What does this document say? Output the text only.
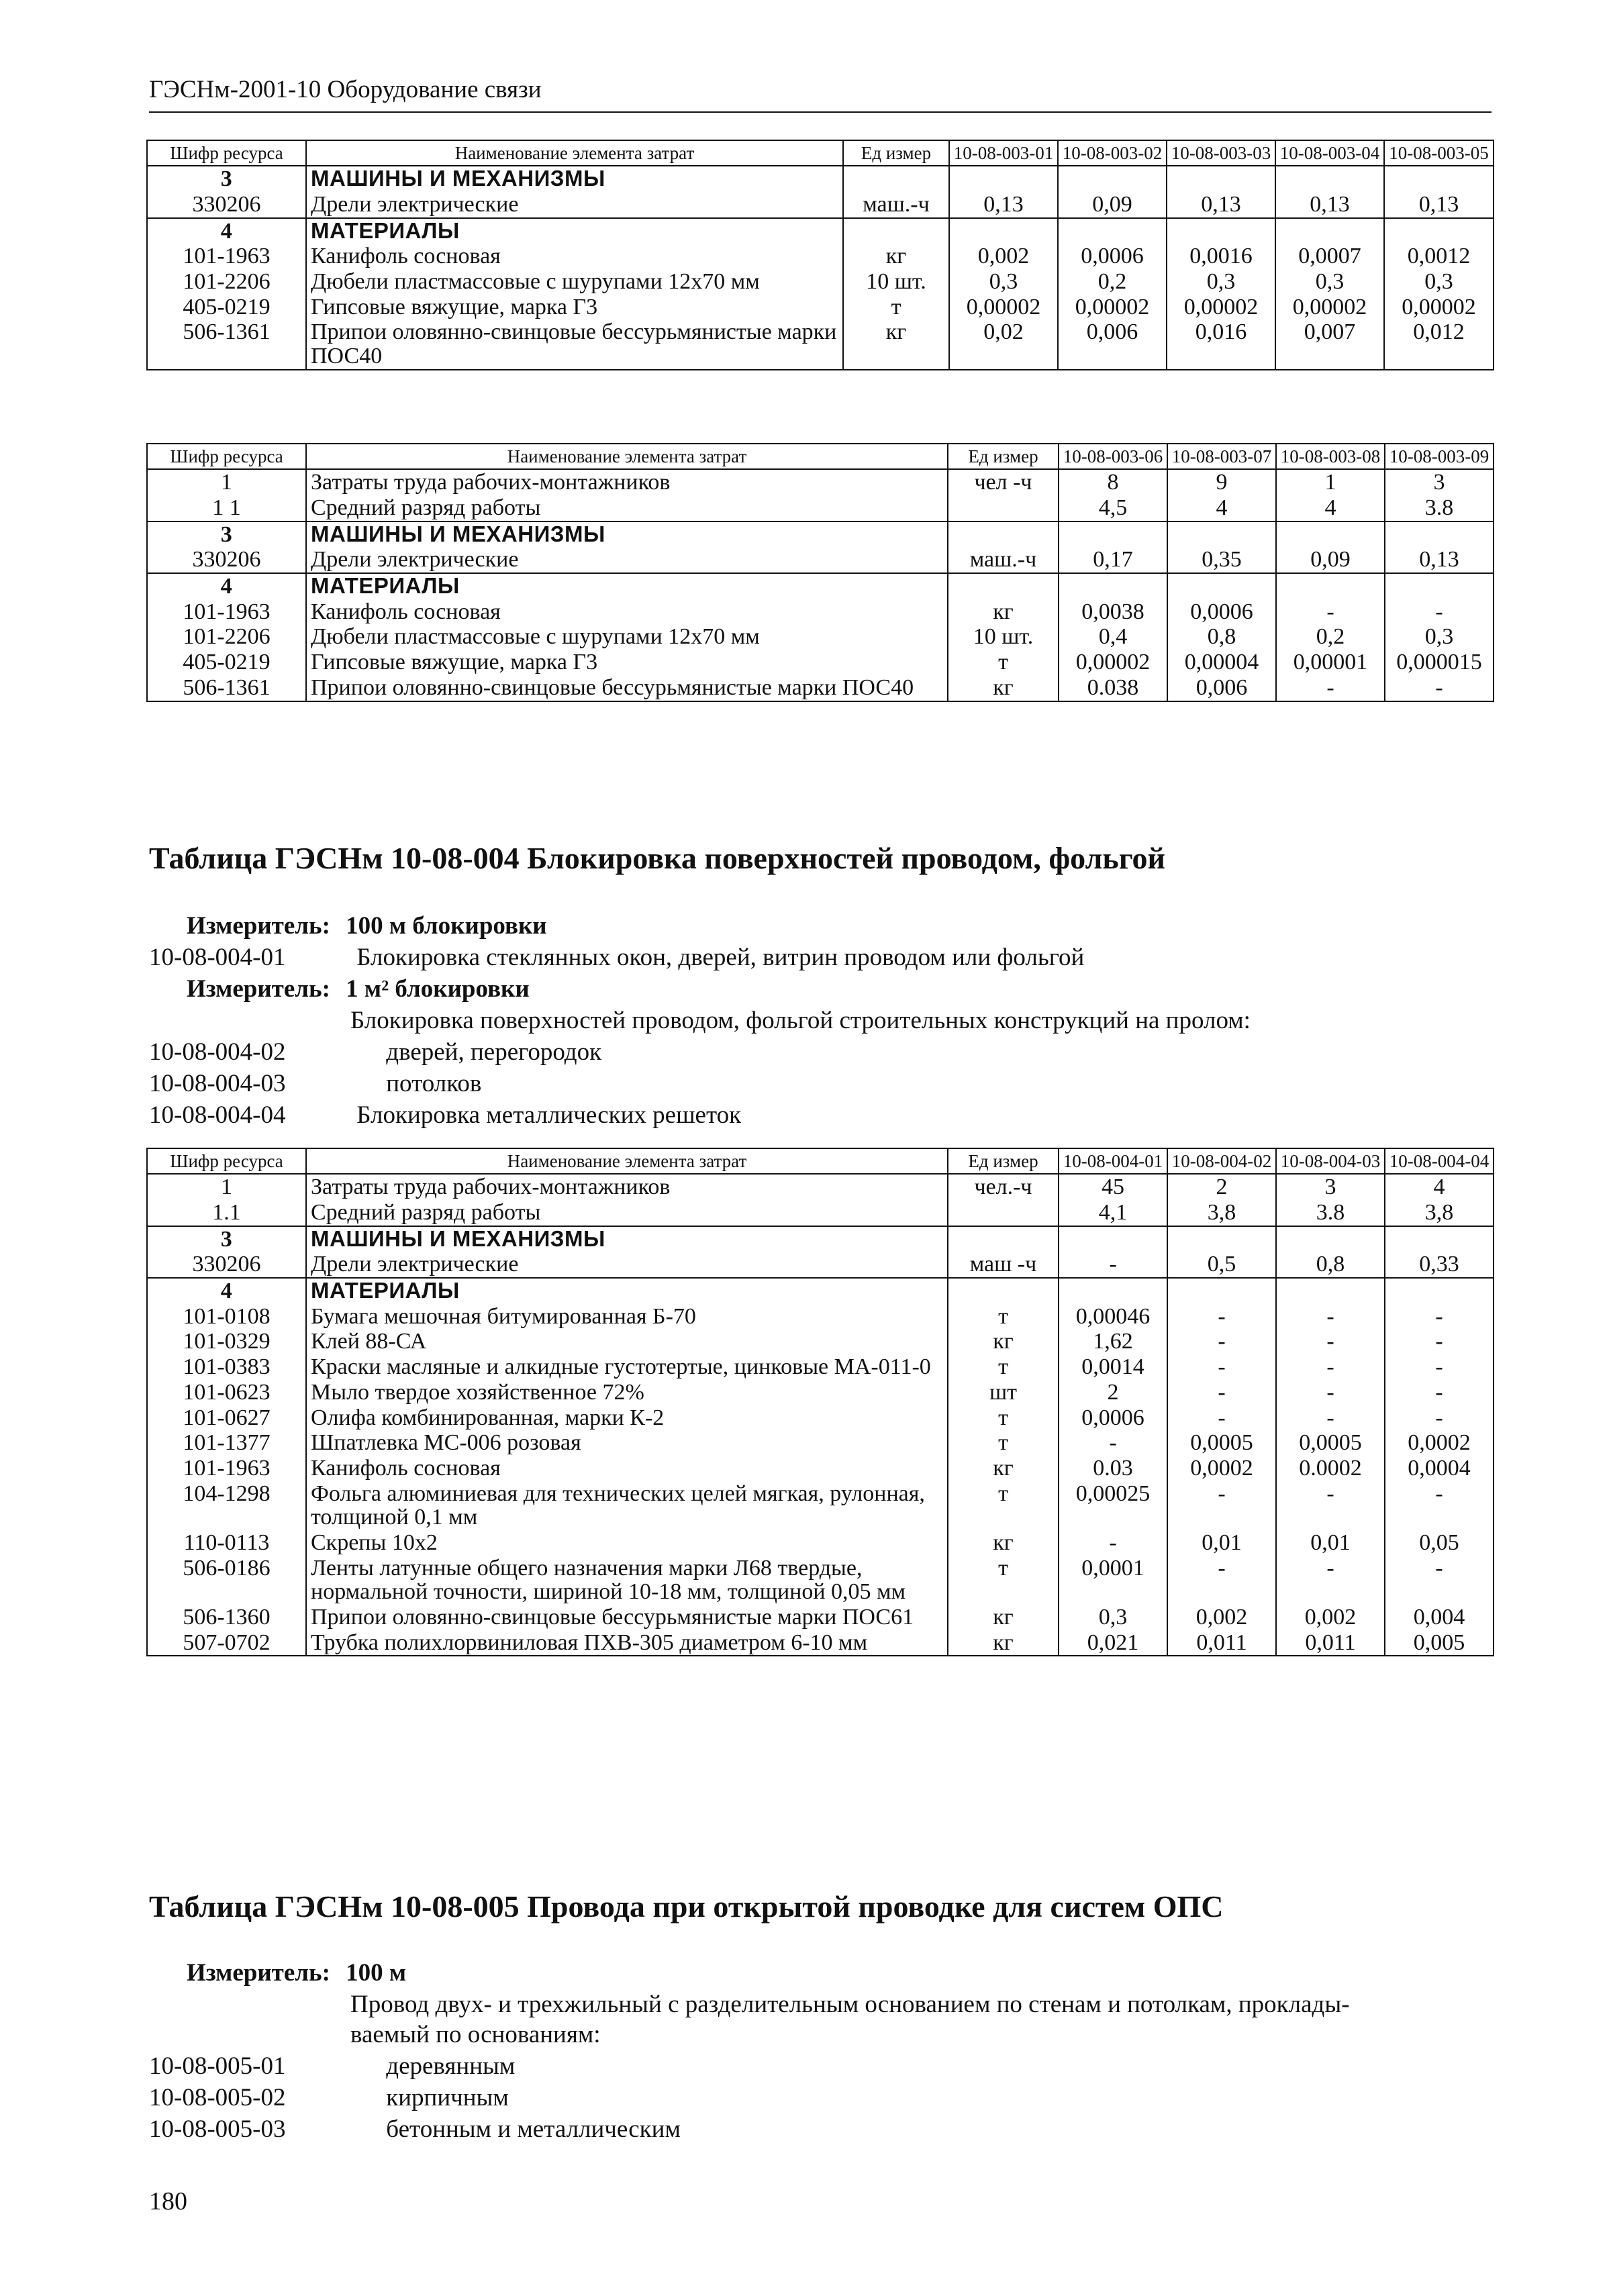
ГЭСНм-2001-10 Оборудование связи
Шифр ресурса	Наименование элемента затрат	Ед измер	10-08-003-01	10-08-003-02	10-08-003-03	10-08-003-04	10-08-003-05
3	МАШИНЫ И МЕХАНИЗМЫ						
330206	Дрели электрические	маш.-ч	0,13	0,09	0,13	0,13	0,13
4	МАТЕРИАЛЫ						
101-1963	Канифоль сосновая	кг	0,002	0,0006	0,0016	0,0007	0,0012
101-2206	Дюбели пластмассовые с шурупами 12х70 мм	10 шт.	0,3	0,2	0,3	0,3	0,3
405-0219	Гипсовые вяжущие, марка Г3	т	0,00002	0,00002	0,00002	0,00002	0,00002
506-1361	Припои оловянно-свинцовые бессурьмянистые марки ПОС40	кг	0,02	0,006	0,016	0,007	0,012
Шифр ресурса	Наименование элемента затрат	Ед измер	10-08-003-06	10-08-003-07	10-08-003-08	10-08-003-09
1	Затраты труда рабочих-монтажников	чел -ч	8	9	1	3
1 1	Средний разряд работы		4,5	4	4	3.8
3	МАШИНЫ И МЕХАНИЗМЫ					
330206	Дрели электрические	маш.-ч	0,17	0,35	0,09	0,13
4	МАТЕРИАЛЫ					
101-1963	Канифоль сосновая	кг	0,0038	0,0006	-	-
101-2206	Дюбели пластмассовые с шурупами 12х70 мм	10 шт.	0,4	0,8	0,2	0,3
405-0219	Гипсовые вяжущие, марка Г3	т	0,00002	0,00004	0,00001	0,000015
506-1361	Припои оловянно-свинцовые бессурьмянистые марки ПОС40	кг	0.038	0,006	-	-
Таблица ГЭСНм 10-08-004 Блокировка поверхностей проводом, фольгой
Измеритель: 100 м блокировки
10-08-004-01	Блокировка стеклянных окон, дверей, витрин проводом или фольгой
Измеритель: 1 м² блокировки
Блокировка поверхностей проводом, фольгой строительных конструкций на пролом:
10-08-004-02	дверей, перегородок
10-08-004-03	потолков
10-08-004-04	Блокировка металлических решеток
Шифр ресурса	Наименование элемента затрат	Ед измер	10-08-004-01	10-08-004-02	10-08-004-03	10-08-004-04
1	Затраты труда рабочих-монтажников	чел.-ч	45	2	3	4
1.1	Средний разряд работы		4,1	3,8	3.8	3,8
3	МАШИНЫ И МЕХАНИЗМЫ					
330206	Дрели электрические	маш -ч	-	0,5	0,8	0,33
4	МАТЕРИАЛЫ					
101-0108	Бумага мешочная битумированная Б-70	т	0,00046	-	-	-
101-0329	Клей 88-СА	кг	1,62	-	-	-
101-0383	Краски масляные и алкидные густотертые, цинковые МА-011-0	т	0,0014	-	-	-
101-0623	Мыло твердое хозяйственное 72%	шт	2	-	-	-
101-0627	Олифа комбинированная, марки К-2	т	0,0006	-	-	-
101-1377	Шпатлевка МС-006 розовая	т	-	0,0005	0,0005	0,0002
101-1963	Канифоль сосновая	кг	0.03	0,0002	0.0002	0,0004
104-1298	Фольга алюминиевая для технических целей мягкая, рулонная, толщиной 0,1 мм	т	0,00025	-	-	-
110-0113	Скрепы 10х2	кг	-	0,01	0,01	0,05
506-0186	Ленты латунные общего назначения марки Л68 твердые, нормальной точности, шириной 10-18 мм, толщиной 0,05 мм	т	0,0001	-	-	-
506-1360	Припои оловянно-свинцовые бессурьмянистые марки ПОС61	кг	0,3	0,002	0,002	0,004
507-0702	Трубка полихлорвиниловая ПХВ-305 диаметром 6-10 мм	кг	0,021	0,011	0,011	0,005
Таблица ГЭСНм 10-08-005 Провода при открытой проводке для систем ОПС
Измеритель: 100 м
Провод двух- и трехжильный с разделительным основанием по стенам и потолкам, проклады-
ваемый по основаниям:
10-08-005-01	деревянным
10-08-005-02	кирпичным
10-08-005-03	бетонным и металлическим
180
